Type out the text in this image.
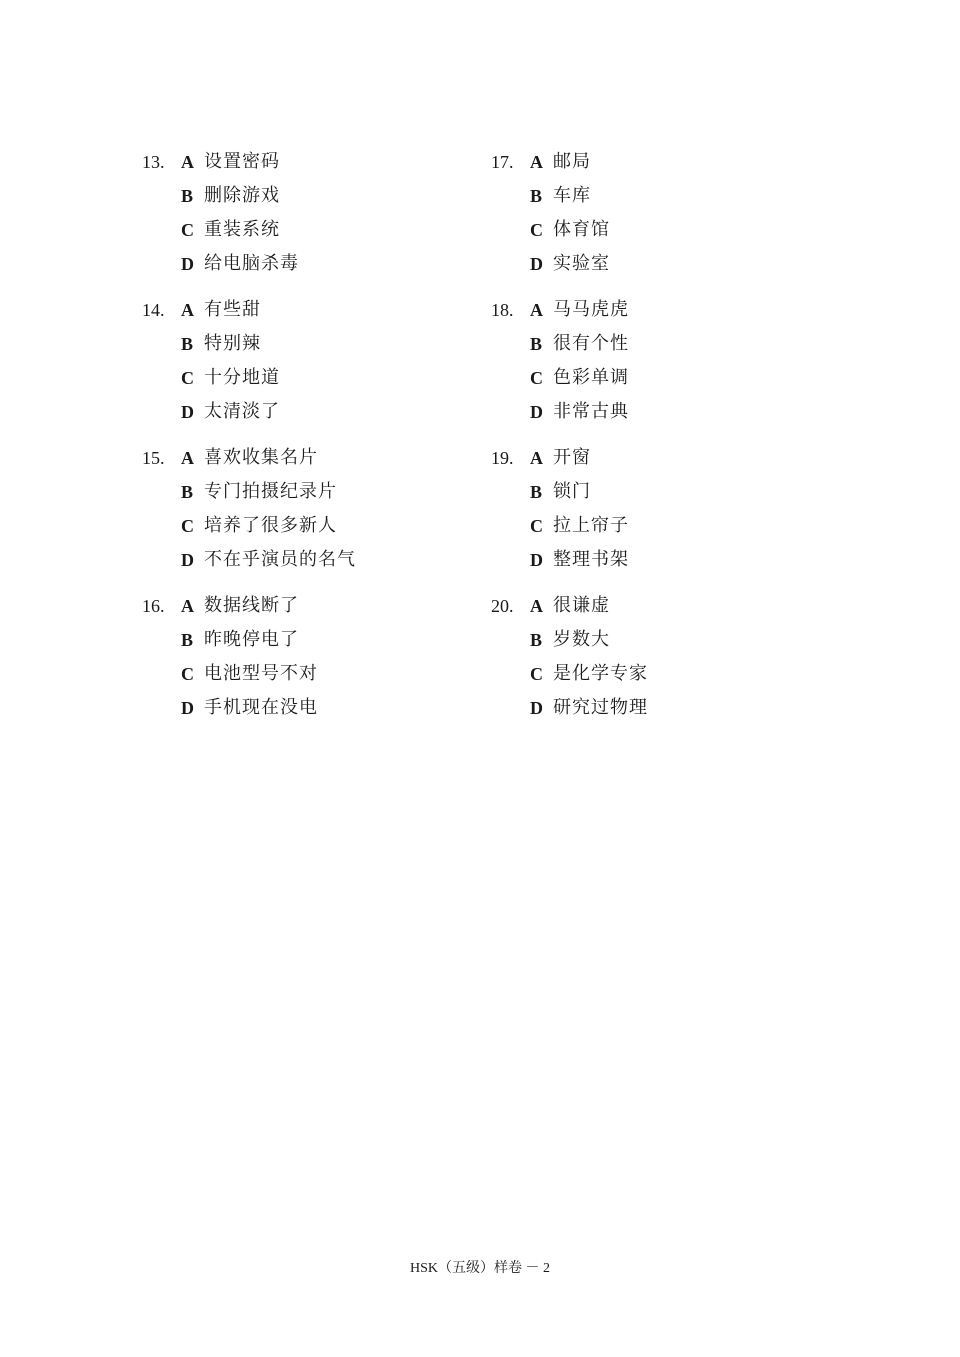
13. A 设置密码
B 删除游戏
C 重装系统
D 给电脑杀毒
14. A 有些甜
B 特别辣
C 十分地道
D 太清淡了
15. A 喜欢收集名片
B 专门拍摄纪录片
C 培养了很多新人
D 不在乎演员的名气
16. A 数据线断了
B 昨晚停电了
C 电池型号不对
D 手机现在没电
17. A 邮局
B 车库
C 体育馆
D 实验室
18. A 马马虎虎
B 很有个性
C 色彩单调
D 非常古典
19. A 开窗
B 锁门
C 拉上帘子
D 整理书架
20. A 很谦虚
B 岁数大
C 是化学专家
D 研究过物理
HSK（五级）样卷 － 2
